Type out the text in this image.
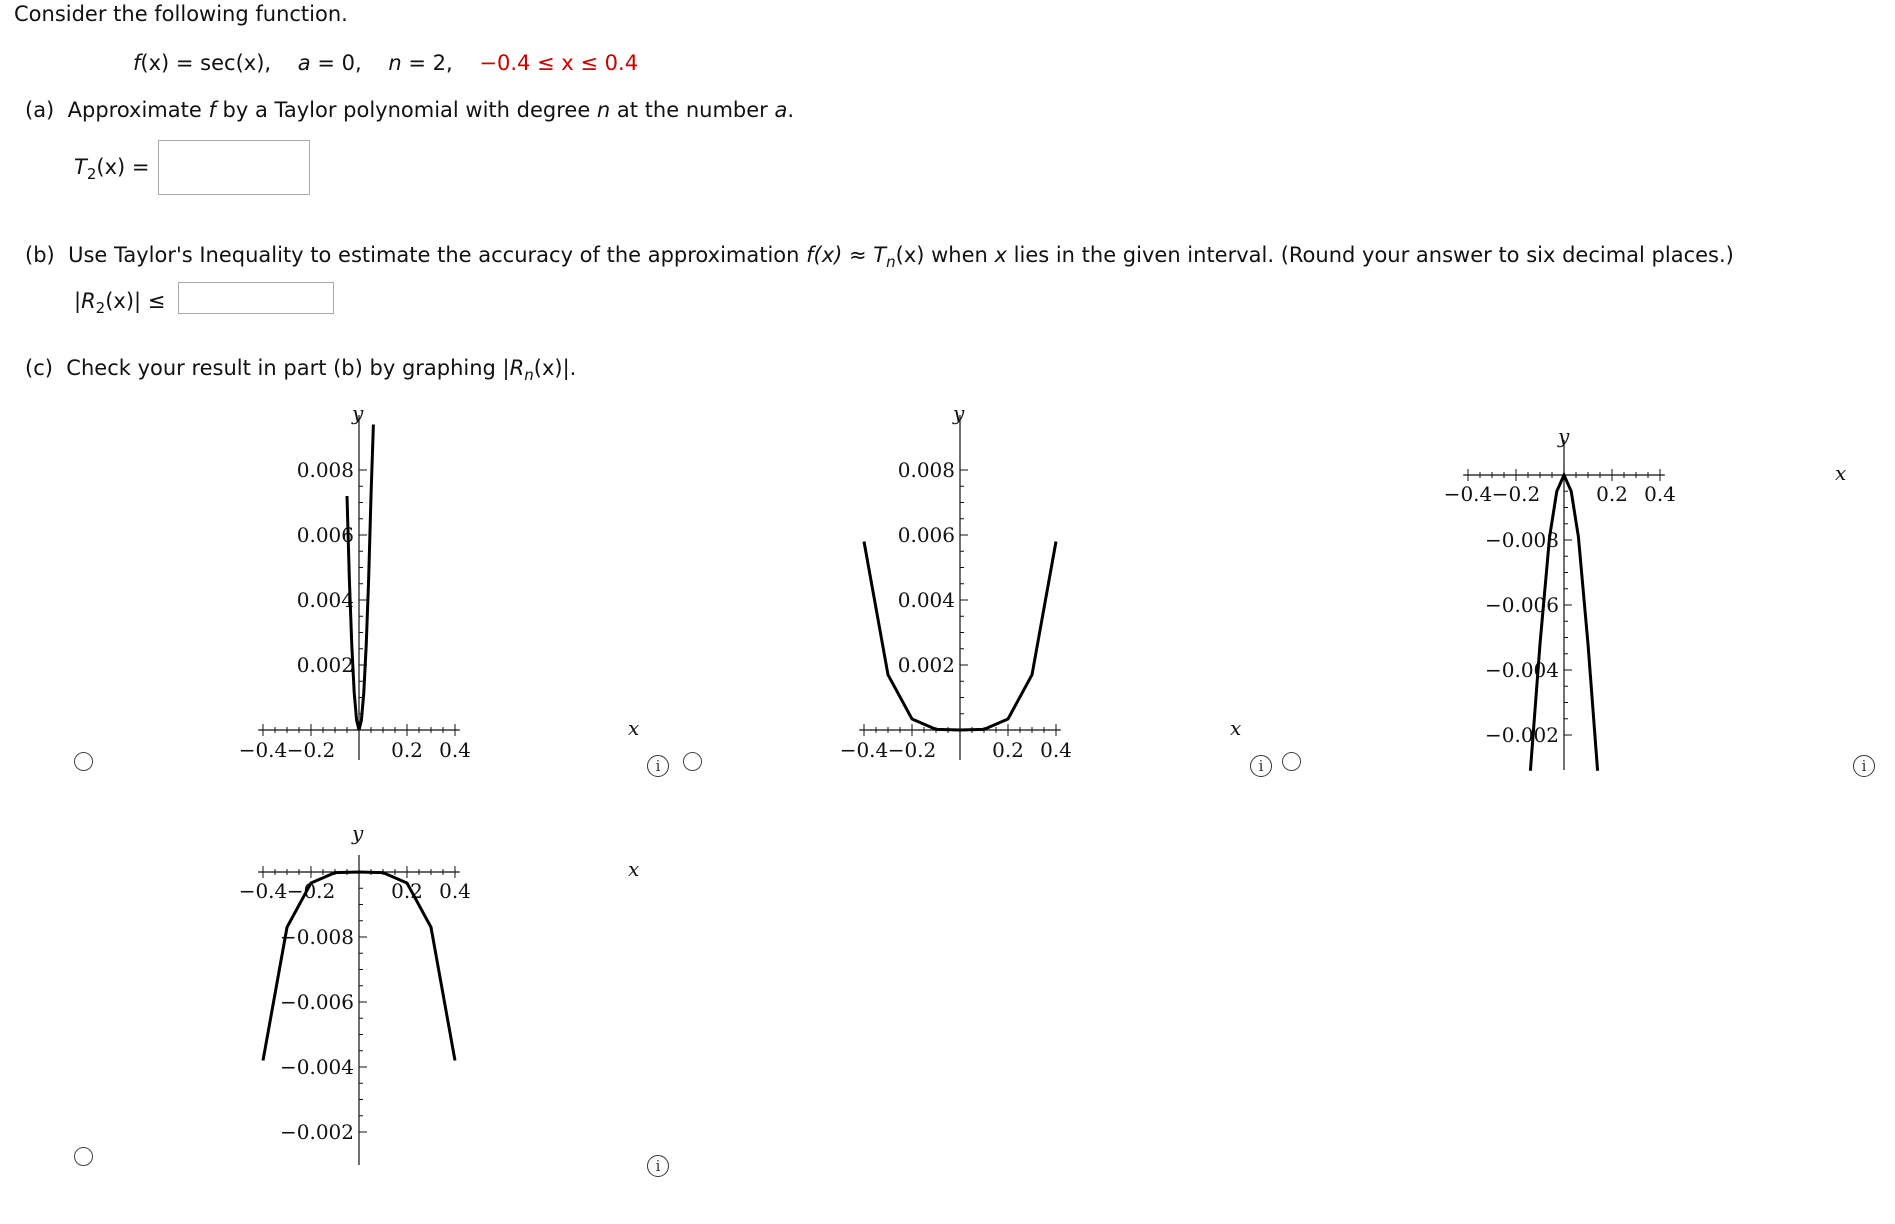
Consider the following function.
f(x) = sec(x), a = 0, n = 2, −0.4 ≤ x ≤ 0.4
(a) Approximate f by a Taylor polynomial with degree n at the number a.
$T_2(x)$ =
(b) Use Taylor's Inequality to estimate the accuracy of the approximation $f(x) \approx T_n(x)$ when x lies in the given interval. (Round your answer to six decimal places.)
$|R_2(x)|$ ≤
(c) Check your result in part (b) by graphing $|R_n(x)|$.
i	i	i
i
−0.4 −0.2	0.2 0.4
0.008
0.006
0.004
0.002
y
x
−0.4 −0.2	0.2 0.4
0.008
0.006
0.004
0.002
y
x
−0.4 −0.2	0.2 0.4
−0.002
−0.004
−0.006
−0.008
y
x
−0.4 −0.2	0.2 0.4
−0.002
−0.004
−0.006
−0.008
y
x
